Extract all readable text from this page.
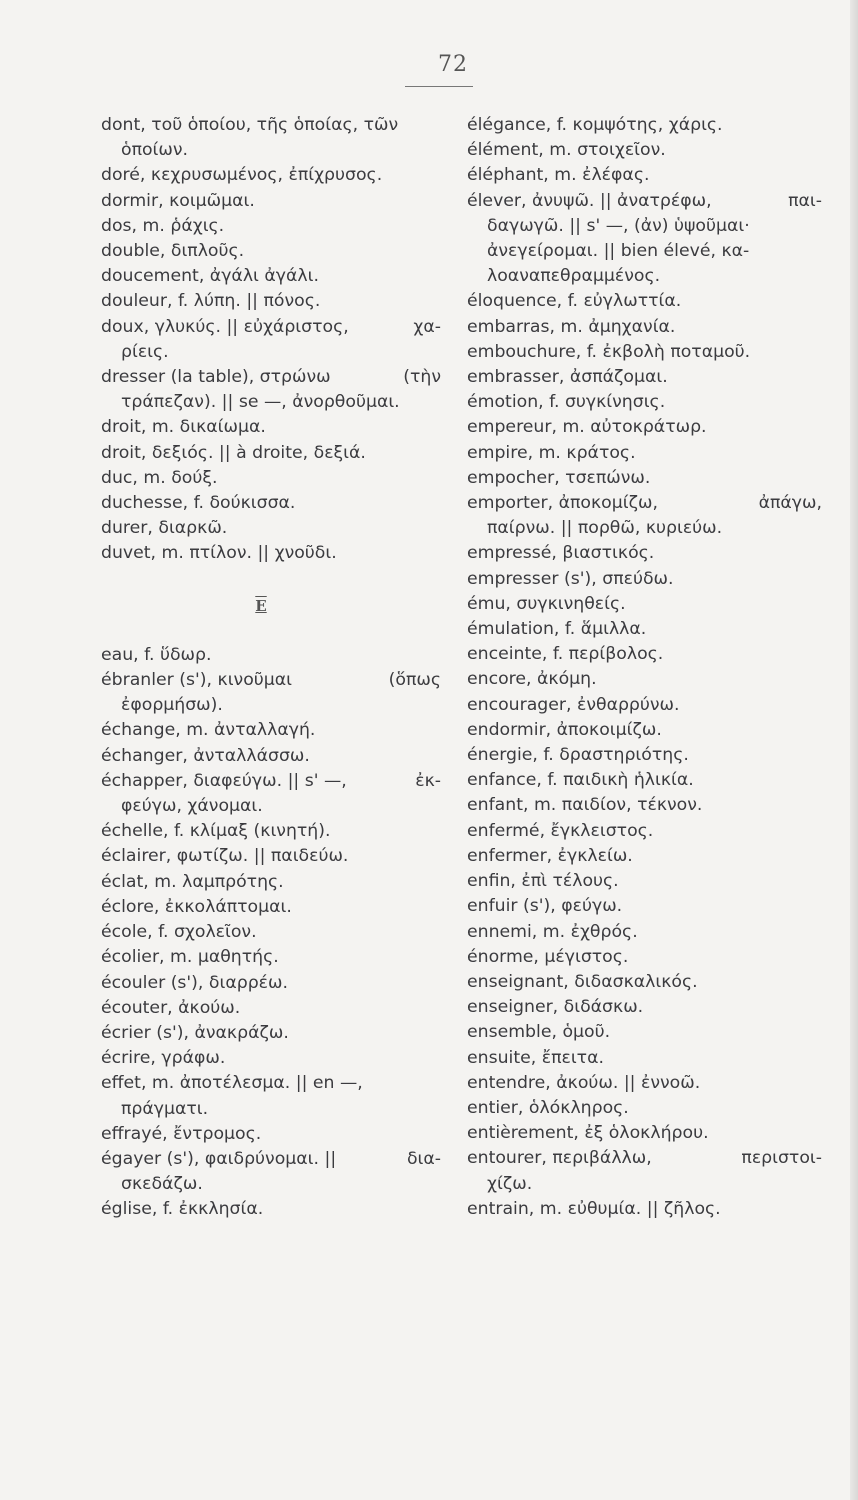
72
dont, τοῦ ὁποίου, τῆς ὁποίας, τῶν
ὁποίων.
doré, κεχρυσωμένος, ἐπίχρυσος.
dormir, κοιμῶμαι.
dos, m. ῥάχις.
double, διπλοῦς.
doucement, ἀγάλι ἀγάλι.
douleur, f. λύπη. || πόνος.
doux, γλυκύς. || εὐχάριστος,	χα-
ρίεις.
dresser (la table), στρώνω	(τὴν
τράπεζαν). || se —, ἀνορθοῦμαι.
droit, m. δικαίωμα.
droit, δεξιός. || à droite, δεξιά.
duc, m. δούξ.
duchesse, f. δούκισσα.
durer, διαρκῶ.
duvet, m. πτίλον. || χνοῦδι.
E
eau, f. ὕδωρ.
ébranler (s'), κινοῦμαι	(ὅπως
ἐφορμήσω).
échange, m. ἀνταλλαγή.
échanger, ἀνταλλάσσω.
échapper, διαφεύγω. || s' —,	ἐκ-
φεύγω, χάνομαι.
échelle, f. κλίμαξ (κινητή).
éclairer, φωτίζω. || παιδεύω.
éclat, m. λαμπρότης.
éclore, ἐκκολάπτομαι.
école, f. σχολεῖον.
écolier, m. μαθητής.
écouler (s'), διαρρέω.
écouter, ἀκούω.
écrier (s'), ἀνακράζω.
écrire, γράφω.
effet, m. ἀποτέλεσμα. || en —,
πράγματι.
effrayé, ἔντρομος.
égayer (s'), φαιδρύνομαι. ||	δια-
σκεδάζω.
église, f. ἐκκλησία.
élégance, f. κομψότης, χάρις.
élément, m. στοιχεῖον.
éléphant, m. ἐλέφας.
élever, ἀνυψῶ. || ἀνατρέφω,	παι-
δαγωγῶ. || s' —, (ἀν) ὑψοῦμαι·
ἀνεγείρομαι. || bien élevé, κα-
λοαναπεθραμμένος.
éloquence, f. εὐγλωττία.
embarras, m. ἀμηχανία.
embouchure, f. ἐκβολὴ ποταμοῦ.
embrasser, ἀσπάζομαι.
émotion, f. συγκίνησις.
empereur, m. αὐτοκράτωρ.
empire, m. κράτος.
empocher, τσεπώνω.
emporter, ἀποκομίζω,	ἀπάγω,
παίρνω. || πορθῶ, κυριεύω.
empressé, βιαστικός.
empresser (s'), σπεύδω.
ému, συγκινηθείς.
émulation, f. ἅμιλλα.
enceinte, f. περίβολος.
encore, ἀκόμη.
encourager, ἐνθαρρύνω.
endormir, ἀποκοιμίζω.
énergie, f. δραστηριότης.
enfance, f. παιδικὴ ἡλικία.
enfant, m. παιδίον, τέκνον.
enfermé, ἔγκλειστος.
enfermer, ἐγκλείω.
enfin, ἐπὶ τέλους.
enfuir (s'), φεύγω.
ennemi, m. ἐχθρός.
énorme, μέγιστος.
enseignant, διδασκαλικός.
enseigner, διδάσκω.
ensemble, ὁμοῦ.
ensuite, ἔπειτα.
entendre, ἀκούω. || ἐννοῶ.
entier, ὁλόκληρος.
entièrement, ἐξ ὁλοκλήρου.
entourer, περιβάλλω,	περιστοι-
χίζω.
entrain, m. εὐθυμία. || ζῆλος.
